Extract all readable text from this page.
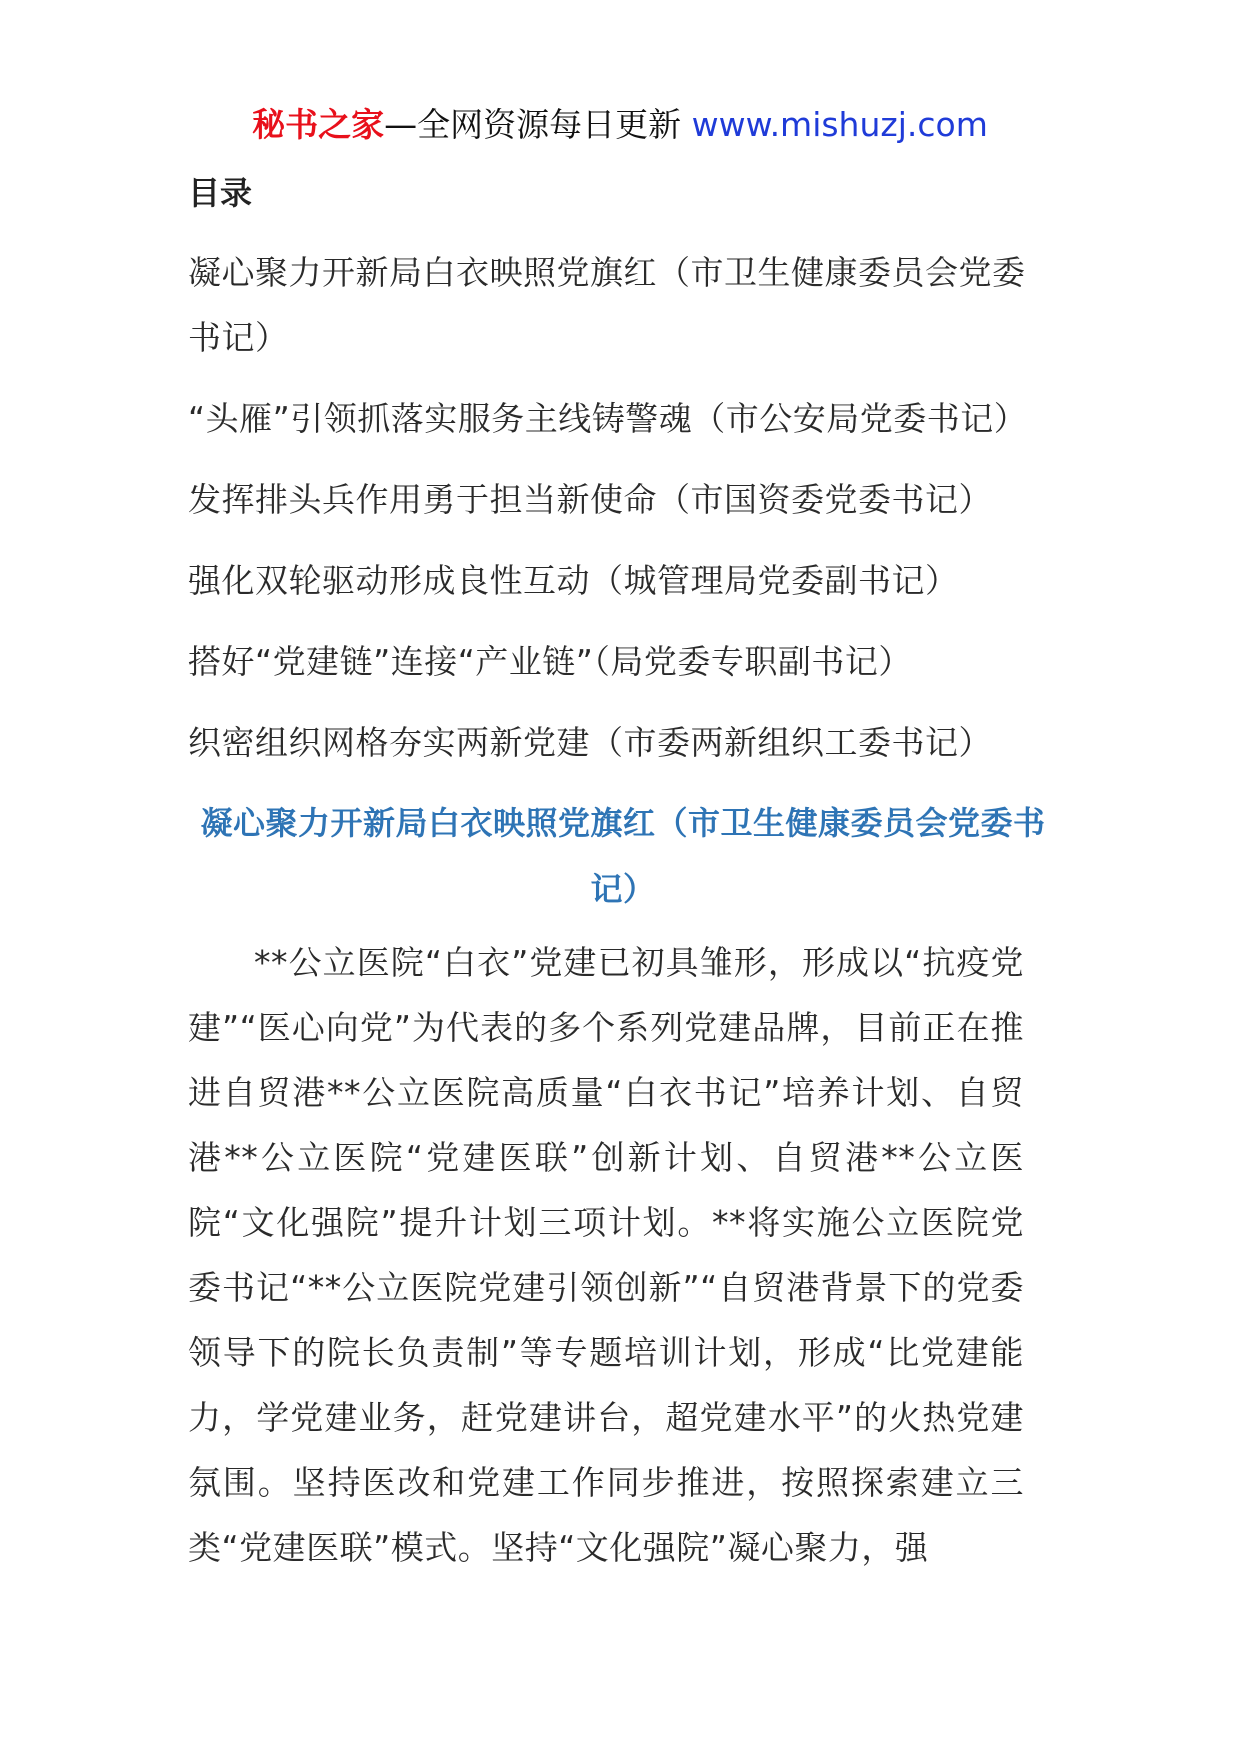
秘书之家—全网资源每日更新 www.mishuzj.com
目录
凝心聚力开新局白衣映照党旗红（市卫生健康委员会党委书记）
“头雁”引领抓落实服务主线铸警魂（市公安局党委书记）
发挥排头兵作用勇于担当新使命（市国资委党委书记）
强化双轮驱动形成良性互动（城管理局党委副书记）
搭好“党建链”连接“产业链”（局党委专职副书记）
织密组织网格夯实两新党建（市委两新组织工委书记）
凝心聚力开新局白衣映照党旗红（市卫生健康委员会党委书记）

**公立医院“白衣”党建已初具雏形，形成以“抗疫党建”“医心向党”为代表的多个系列党建品牌，目前正在推进自贸港**公立医院高质量“白衣书记”培养计划、自贸港**公立医院“党建医联”创新计划、自贸港**公立医院“文化强院”提升计划三项计划。**将实施公立医院党委书记“**公立医院党建引领创新”“自贸港背景下的党委领导下的院长负责制”等专题培训计划，形成“比党建能力，学党建业务，赶党建讲台，超党建水平”的火热党建氛围。坚持医改和党建工作同步推进，按照探索建立三类“党建医联”模式。坚持“文化强院”凝心聚力，强
